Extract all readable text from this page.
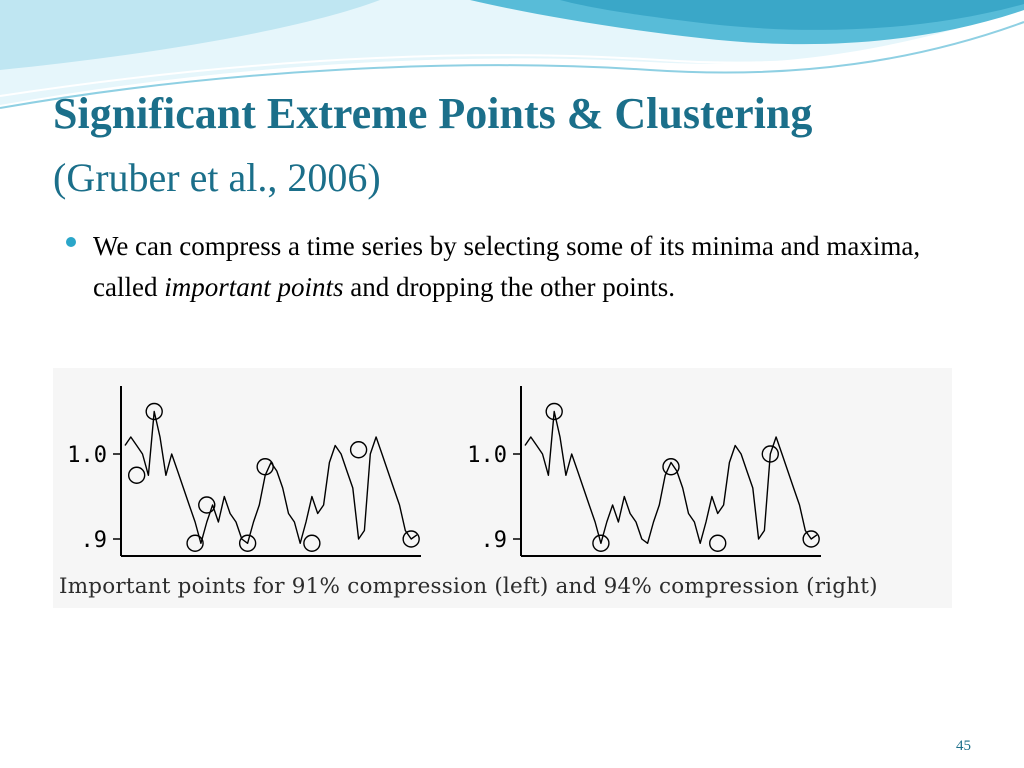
Significant Extreme Points & Clustering
(Gruber et al., 2006)
We can compress a time series by selecting some of its minima and maxima, called important points and dropping the other points.
1.0
.9
1.0
.9
Important points for 91% compression (left) and 94% compression (right)
45
